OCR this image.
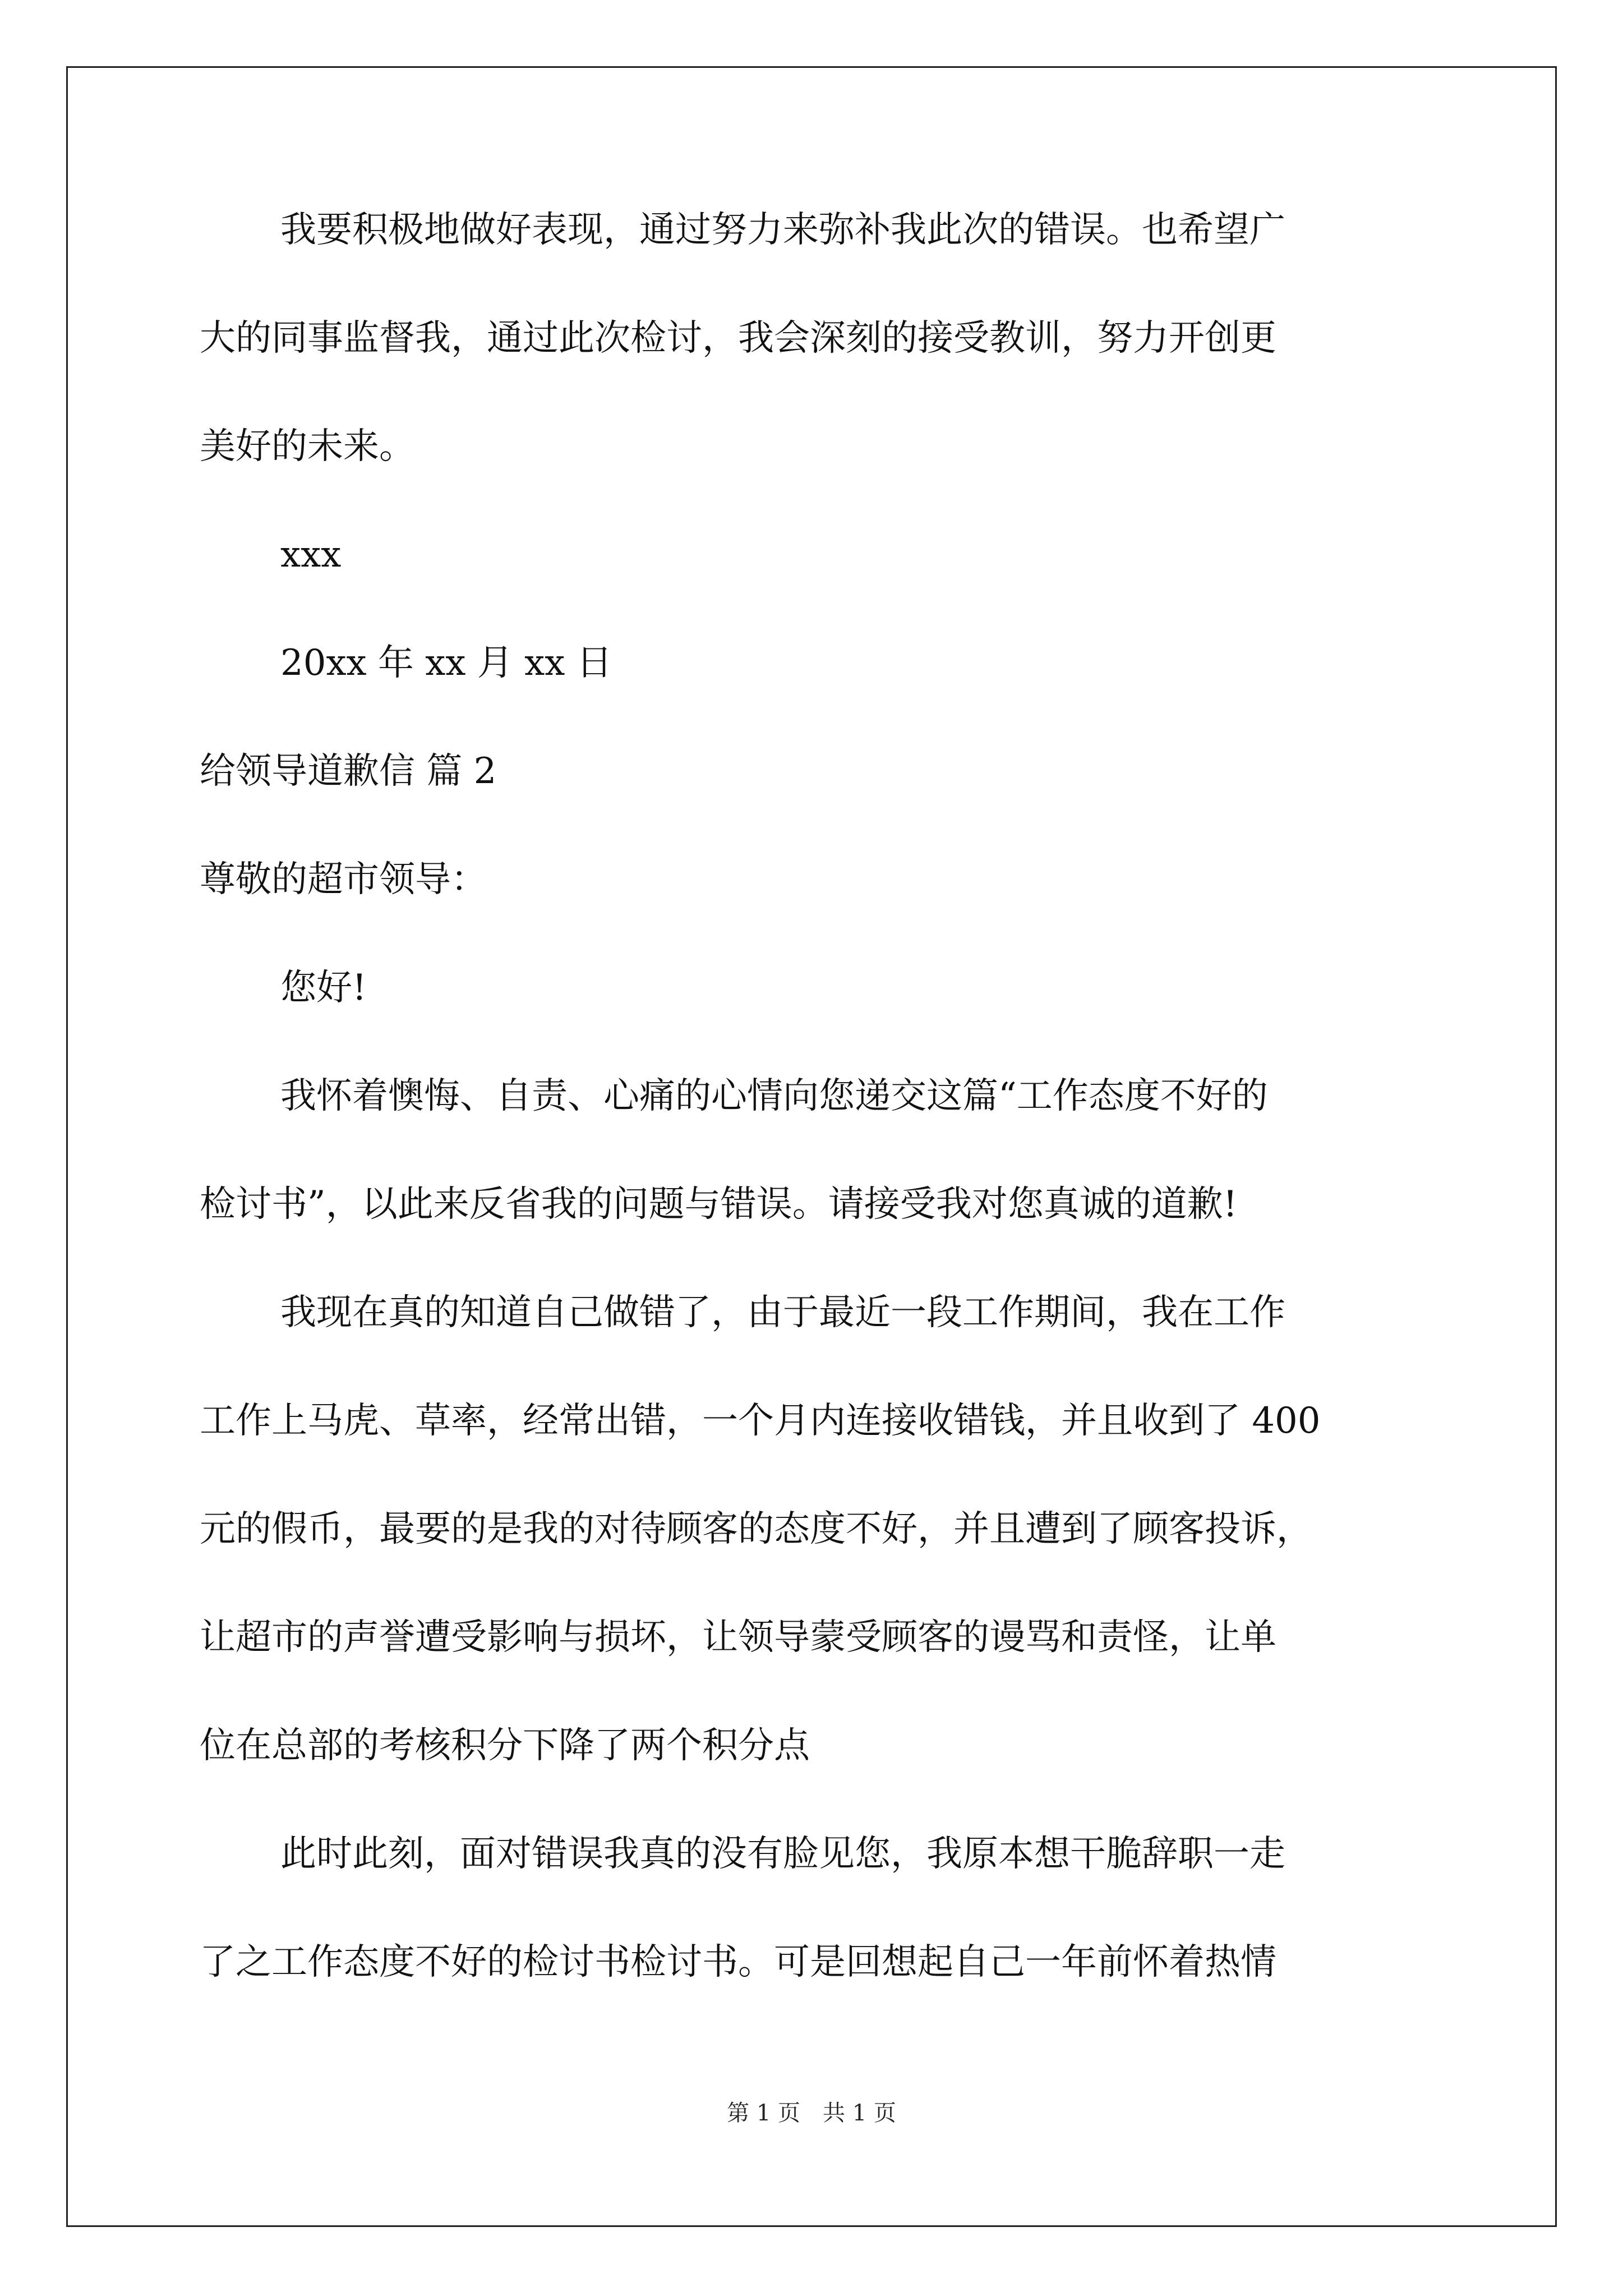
我要积极地做好表现，通过努力来弥补我此次的错误。也希望广
大的同事监督我，通过此次检讨，我会深刻的接受教训，努力开创更
美好的未来。
xxx
20xx 年 xx 月 xx 日
给领导道歉信 篇 2
尊敬的超市领导：
您好!
我怀着懊悔、自责、心痛的心情向您递交这篇“工作态度不好的
检讨书”，以此来反省我的问题与错误。请接受我对您真诚的道歉!
我现在真的知道自己做错了，由于最近一段工作期间，我在工作
工作上马虎、草率，经常出错，一个月内连接收错钱，并且收到了 400
元的假币，最要的是我的对待顾客的态度不好，并且遭到了顾客投诉，
让超市的声誉遭受影响与损坏，让领导蒙受顾客的谩骂和责怪，让单
位在总部的考核积分下降了两个积分点
此时此刻，面对错误我真的没有脸见您，我原本想干脆辞职一走
了之工作态度不好的检讨书检讨书。可是回想起自己一年前怀着热情
第 1 页 共 1 页
